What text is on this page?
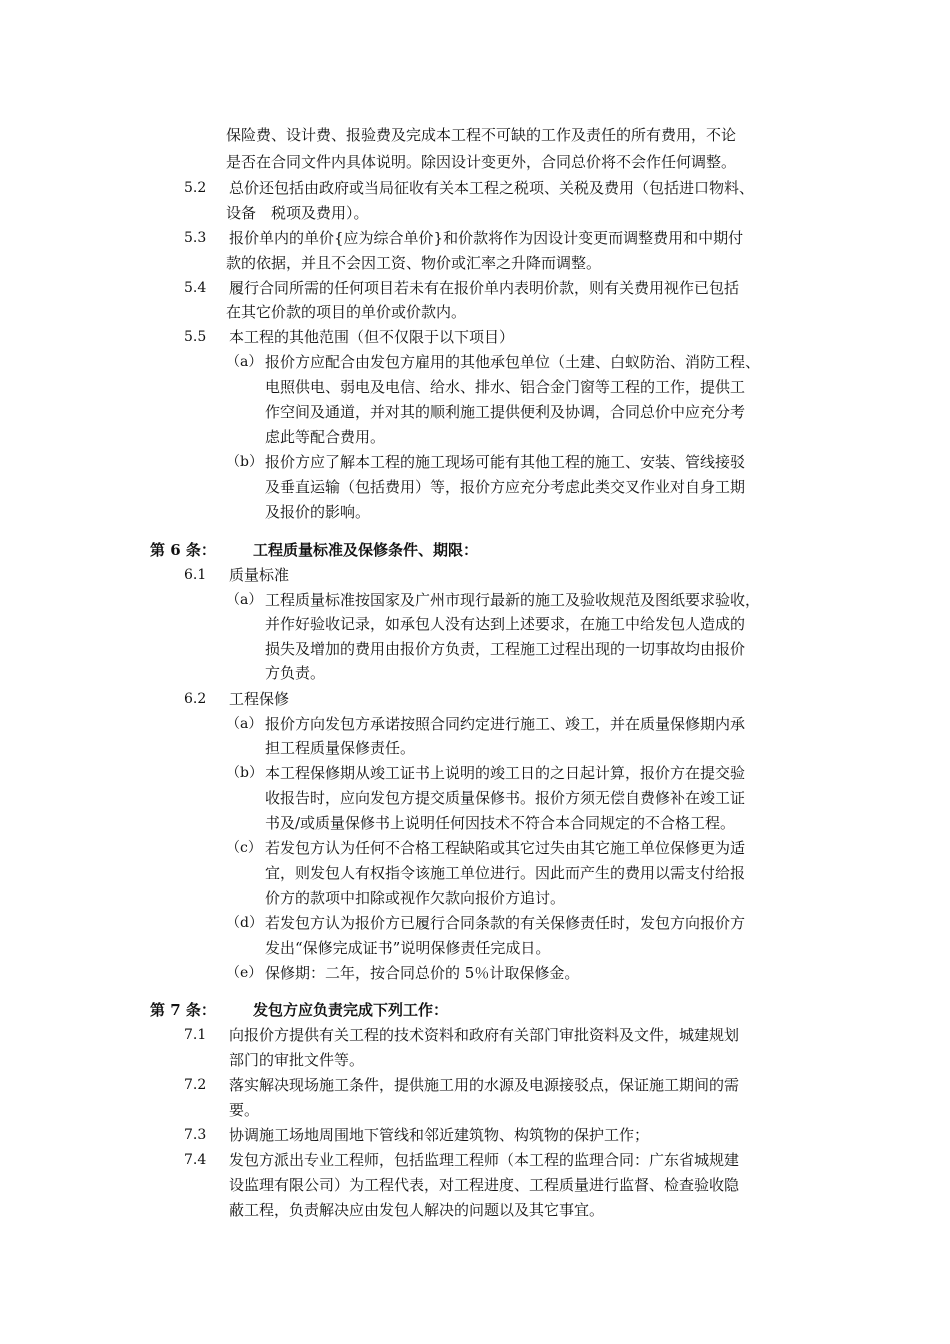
保险费、设计费、报验费及完成本工程不可缺的工作及责任的所有费用，不论
是否在合同文件内具体说明。除因设计变更外，合同总价将不会作任何调整。
5.2 总价还包括由政府或当局征收有关本工程之税项、关税及费用（包括进口物料、
设备　税项及费用）。
5.3 报价单内的单价{应为综合单价}和价款将作为因设计变更而调整费用和中期付
款的依据，并且不会因工资、物价或汇率之升降而调整。
5.4 履行合同所需的任何项目若未有在报价单内表明价款，则有关费用视作已包括
在其它价款的项目的单价或价款内。
5.5 本工程的其他范围（但不仅限于以下项目）
（a） 报价方应配合由发包方雇用的其他承包单位（土建、白蚁防治、消防工程、
电照供电、弱电及电信、给水、排水、铝合金门窗等工程的工作，提供工
作空间及通道，并对其的顺利施工提供便利及协调，合同总价中应充分考
虑此等配合费用。
（b） 报价方应了解本工程的施工现场可能有其他工程的施工、安装、管线接驳
及垂直运输（包括费用）等，报价方应充分考虑此类交叉作业对自身工期
及报价的影响。
第 6 条： 工程质量标准及保修条件、期限：
6.1 质量标准
（a） 工程质量标准按国家及广州市现行最新的施工及验收规范及图纸要求验收，
并作好验收记录，如承包人没有达到上述要求，在施工中给发包人造成的
损失及增加的费用由报价方负责，工程施工过程出现的一切事故均由报价
方负责。
6.2 工程保修
（a） 报价方向发包方承诺按照合同约定进行施工、竣工，并在质量保修期内承
担工程质量保修责任。
（b） 本工程保修期从竣工证书上说明的竣工日的之日起计算，报价方在提交验
收报告时，应向发包方提交质量保修书。报价方须无偿自费修补在竣工证
书及/或质量保修书上说明任何因技术不符合本合同规定的不合格工程。
（c） 若发包方认为任何不合格工程缺陷或其它过失由其它施工单位保修更为适
宜，则发包人有权指令该施工单位进行。因此而产生的费用以需支付给报
价方的款项中扣除或视作欠款向报价方追讨。
（d） 若发包方认为报价方已履行合同条款的有关保修责任时，发包方向报价方
发出“保修完成证书”说明保修责任完成日。
（e） 保修期：二年，按合同总价的 5％计取保修金。
第 7 条： 发包方应负责完成下列工作：
7.1 向报价方提供有关工程的技术资料和政府有关部门审批资料及文件，城建规划
部门的审批文件等。
7.2 落实解决现场施工条件，提供施工用的水源及电源接驳点，保证施工期间的需
要。
7.3 协调施工场地周围地下管线和邻近建筑物、构筑物的保护工作；
7.4 发包方派出专业工程师，包括监理工程师（本工程的监理合同：广东省城规建
设监理有限公司）为工程代表，对工程进度、工程质量进行监督、检查验收隐
蔽工程，负责解决应由发包人解决的问题以及其它事宜。
